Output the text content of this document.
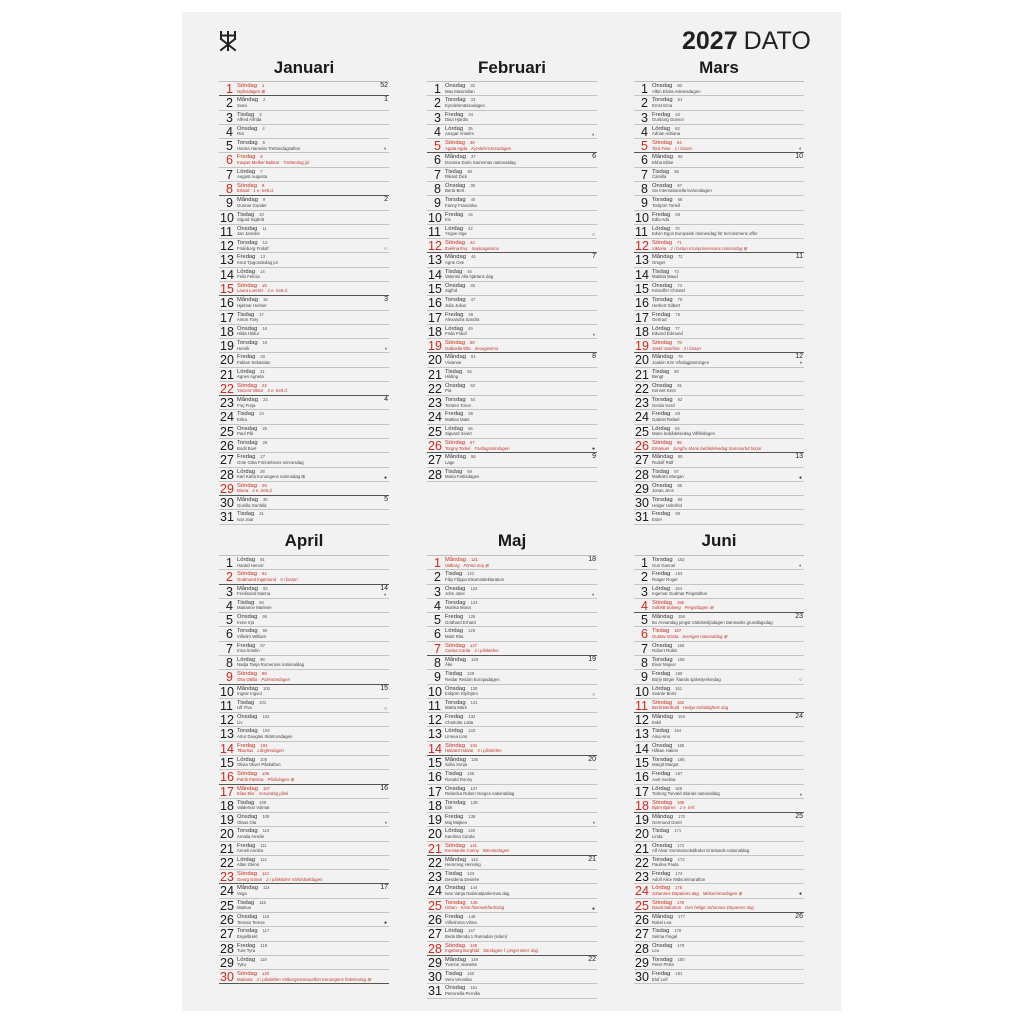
2027 DATO
Januari
1 Söndag 1
Nyårsdagen ⊞
52
2 Måndag 2
Svea
1
3 Tisdag 3
Alfred Alfrida
4 Onsdag 4
Rut
5 Torsdag 5
Hanna Hannele Trettondagsafton	◐
6 Fredag 6
Kasper Melker Baltsar Trettondag jul
7 Lördag 7
August Augusta
8 Söndag 8
Erland 1 e. trett.d.
9 Måndag 9
Gunnar Gunder
2
10 Tisdag 10
Sigurd Sigbritt
11 Onsdag 11
Jan Jannike
12 Torsdag 12
Frideborg Fridolf	○
13 Fredag 13
Knut Tjugondedag jul
14 Lördag 14
Felix Felicia
15 Söndag 15
Laura Lorentz 2 e. trett.d.
16 Måndag 16
Hjalmar Helmer
3
17 Tisdag 17
Anton Tony
18 Onsdag 18
Hilda Hildur
19 Torsdag 19
Henrik	◑
20 Fredag 20
Fabian Sebastian
21 Lördag 21
Agnes Agneta
22 Söndag 22
Vincent Viktor 3 e. trett.d.
23 Måndag 23
Frej Freja
4
24 Tisdag 24
Erika
25 Onsdag 25
Paul Pål
26 Torsdag 26
Bodil Boel
27 Fredag 27
Göte Göta Förintelsens minnesdag
28 Lördag 28
Karl Karla Konungens namnsdag ⊞	●
29 Söndag 29
Diana 4 e. trett.d.
30 Måndag 30
Gunilla Gunhild
5
31 Tisdag 31
Ivar Joar
Februari
1 Onsdag 32
Max Maximilian
2 Torsdag 33
Kyndelsmässodagen
3 Fredag 34
Disa Hjördis
4 Lördag 35
Ansgar Anselm	◐
5 Söndag 36
Agata Agda Kyndelsmässodagen
6 Måndag 37
Dorotea Doris Samernas nationaldag
6
7 Tisdag 38
Rikard Dick
8 Onsdag 39
Berta Bert
9 Torsdag 40
Fanny Franciska
10 Fredag 41
Iris
11 Lördag 42
Yngve Inge	○
12 Söndag 43
Evelina Evy Septuagesima
13 Måndag 44
Agne Ove
7
14 Tisdag 45
Valentin Alla hjärtans dag
15 Onsdag 46
Sigfrid
16 Torsdag 47
Julia Julius
17 Fredag 48
Alexandra Sandra
18 Lördag 49
Frida Fritiof	◑
19 Söndag 50
Gabriella Ella Sexagesima
20 Måndag 51
Vivianne
8
21 Tisdag 52
Hilding
22 Onsdag 53
Pia
23 Torsdag 54
Torsten Torun
24 Fredag 55
Mattias Mats
25 Lördag 56
Sigvard Sivert
26 Söndag 57
Torgny Torkel Fastlagssöndagen	●
27 Måndag 58
Lage
9
28 Tisdag 59
Maria Fettisdagen
Mars
1 Onsdag 60
Albin Elvira Askonsdagen
2 Torsdag 61
Ernst Erna
3 Fredag 62
Gunborg Gunvor
4 Lördag 63
Adrian Adriana
5 Söndag 64
Tora Tove 1 i fastan	◐
6 Måndag 65
Ebba Ebbe
10
7 Tisdag 66
Camilla
8 Onsdag 67
Siv Internationella kvinnodagen
9 Torsdag 68
Torbjörn Torleif
10 Fredag 69
Edla Ada
11 Lördag 70
Edvin Egon Europeisk minnesdag för terrorismens offer
12 Söndag 71
Viktoria 2 i fastan Kronprinsessans namnsdag ⊞
13 Måndag 72
Greger
11
14 Tisdag 73
Matilda Maud
15 Onsdag 74
Kristoffer Christel
16 Torsdag 75
Herbert Gilbert
17 Fredag 76
Gertrud
18 Lördag 77
Edvard Edmund
19 Söndag 78
Josef Josefina 3 i fastan
20 Måndag 79
Joakim Kim Vårdagjämningen
12
◑
21 Tisdag 80
Bengt
22 Onsdag 81
Kennet Kent
23 Torsdag 82
Gerda Gerd
24 Fredag 83
Gabriel Rafael
25 Lördag 84
Marie bebådelsedag Våffeldagen
26 Söndag 85
Emanuel Jungfru Marie bebådelsedag Sommartid börjar
27 Måndag 86
Rudolf Ralf
13
28 Tisdag 87
Malkolm Morgan	●
29 Onsdag 88
Jonas Jens
30 Torsdag 89
Holger Holmfrid
31 Fredag 90
Ester
April
1 Lördag 91
Harald Hervor
2 Söndag 92
Gudmund Ingemund 5 i fastan
3 Måndag 93
Ferdinand Nanna
14
◐
4 Tisdag 94
Marianne Marlene
5 Onsdag 95
Irene Irja
6 Torsdag 96
Vilhelm William
7 Fredag 97
Irma Irmelin
8 Lördag 98
Nadja Tanja Romernas nationaldag
9 Söndag 99
Otto Ottilia Palmsöndagen
10 Måndag 100
Ingvar Ingvor
15
11 Tisdag 101
Ulf Ylva	○
12 Onsdag 102
Liv
13 Torsdag 103
Artur Douglas Skärtorsdagen
14 Fredag 104
Tiburtius Långfredagen
15 Lördag 105
Olivia Oliver Påskafton
16 Söndag 106
Patrik Patricia Påskdagen ⊞
17 Måndag 107
Elias Elis Annandag påsk
16
18 Tisdag 108
Valdemar Volmar
19 Onsdag 109
Olaus Ola	◑
20 Torsdag 110
Amalia Amelie
21 Fredag 111
Anneli Annika
22 Lördag 112
Allan Glenn
23 Söndag 113
Georg Göran 2 i påsktiden Världsbokdagen
24 Måndag 114
Vega
17
25 Tisdag 115
Markus
26 Onsdag 116
Teresia Terese	●
27 Torsdag 117
Engelbrekt
28 Fredag 118
Ture Tyra
29 Lördag 119
Tyko
30 Söndag 120
Mariana 3 i påsktiden Valborgsmässoafton Konungens födelsedag ⊞
Maj
1 Måndag 121
Valborg Första maj ⊞
18
2 Tisdag 122
Filip Filippa Inkomstdeklaration
3 Onsdag 123
John Jane	◐
4 Torsdag 124
Monika Mona
5 Fredag 125
Gotthard Erhard
6 Lördag 126
Marit Rita
7 Söndag 127
Carina Carita 4 i påsktiden
8 Måndag 128
Åke
19
9 Tisdag 129
Reidar Reidun Europadagen
10 Onsdag 130
Esbjörn Styrbjörn	○
11 Torsdag 131
Märta Märit
12 Fredag 132
Charlotta Lotta
13 Lördag 133
Linnea Linn
14 Söndag 134
Halvard Halvar 5 i påsktiden
15 Måndag 135
Sofia Sonja
20
16 Tisdag 136
Ronald Ronny
17 Onsdag 137
Rebecka Ruben Norges nationaldag
18 Torsdag 138
Erik
19 Fredag 139
Maj Majken	◑
20 Lördag 140
Karolina Carola
21 Söndag 141
Konstantin Conny Bönsöndagen
22 Måndag 142
Hemming Henning
21
23 Tisdag 143
Desideria Desirée
24 Onsdag 144
Ivan Vanja Nationalparkernas dag
25 Torsdag 145
Urban Kristi himmelsfärdsdag	●
26 Fredag 146
Vilhelmina Vilma
27 Lördag 147
Beda Blenda 1 Ramadan (islam)
28 Söndag 148
Ingeborg Borghild Söndagen f. pingst Mors dag
29 Måndag 149
Yvonne Jeanette
22
30 Tisdag 150
Vera Veronika
31 Onsdag 151
Petronella Pernilla
Juni
1 Torsdag 152
Gun Gunnel	◐
2 Fredag 153
Rutger Roger
3 Lördag 154
Ingemar Gudmar Pingstafton
4 Söndag 155
Solbritt Solveig Pingstdagen ⊞
5 Måndag 156
Bo Annandag pingst Världsmiljödagen Danmarks grundlagsdag
23
6 Tisdag 157
Gustav Gösta Sveriges nationaldag ⊞
7 Onsdag 158
Robert Robin
8 Torsdag 159
Eivor Majvor
9 Fredag 160
Börje Birger Ålands självstyrelsedag	○
10 Lördag 161
Svante Boris
11 Söndag 162
Bertil Berthold Heliga trefaldighets dag
12 Måndag 163
Eskil
24
13 Tisdag 164
Aina Aino
14 Onsdag 165
Håkan Hakon
15 Torsdag 166
Margit Margot
16 Fredag 167
Axel Axelina
17 Lördag 168
Torborg Torvald Islands nationaldag	◑
18 Söndag 169
Björn Bjarne 1 e. tref.
19 Måndag 170
Germund Görel
25
20 Tisdag 171
Linda
21 Onsdag 172
Alf Alvar Sommarsolståndet Grönlands nationaldag
22 Torsdag 173
Paulina Paula
23 Fredag 174
Adolf Alice Midsommarafton
24 Lördag 175
Johannes Döparens dag Midsommardagen ⊞	●
25 Söndag 176
David Salomon Den helige Johannes Döparens dag
26 Måndag 177
Rakel Lea
26
27 Tisdag 178
Selma Fingal
28 Onsdag 179
Leo
29 Torsdag 180
Peter Petra
30 Fredag 181
Elof Leif
